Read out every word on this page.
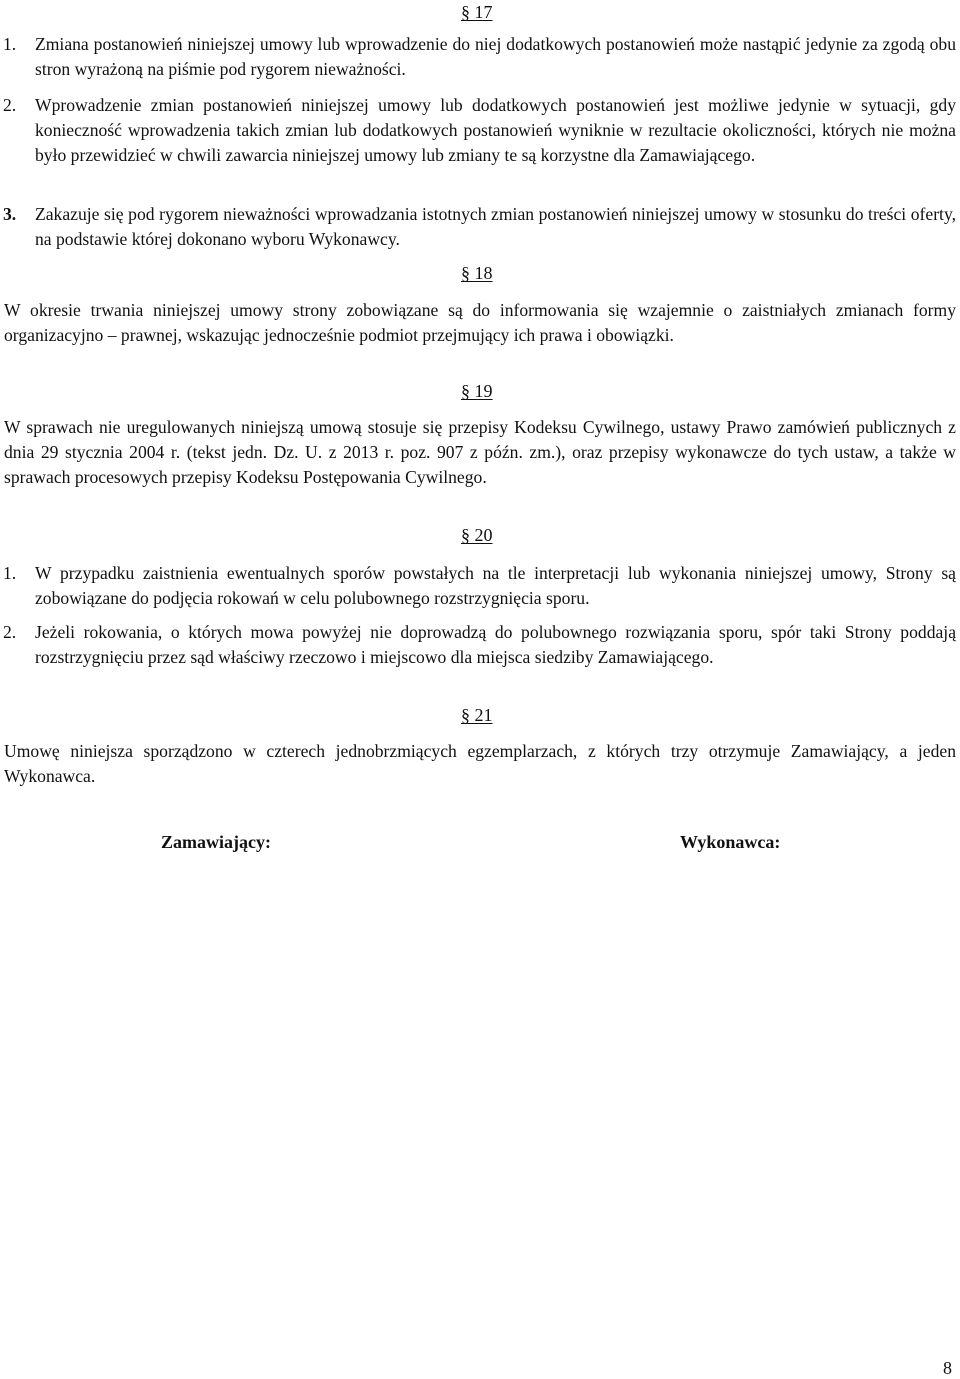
§ 17
1. Zmiana postanowień niniejszej umowy lub wprowadzenie do niej dodatkowych postanowień może nastąpić jedynie za zgodą obu stron wyrażoną na piśmie pod rygorem nieważności.
2. Wprowadzenie zmian postanowień niniejszej umowy lub dodatkowych postanowień jest możliwe jedynie w sytuacji, gdy konieczność wprowadzenia takich zmian lub dodatkowych postanowień wyniknie w rezultacie okoliczności, których nie można było przewidzieć w chwili zawarcia niniejszej umowy lub zmiany te są korzystne dla Zamawiającego.
3. Zakazuje się pod rygorem nieważności wprowadzania istotnych zmian postanowień niniejszej umowy w stosunku do treści oferty, na podstawie której dokonano wyboru Wykonawcy.
§ 18
W okresie trwania niniejszej umowy strony zobowiązane są do informowania się wzajemnie o zaistniałych zmianach formy organizacyjno – prawnej, wskazując jednocześnie podmiot przejmujący ich prawa i obowiązki.
§ 19
W sprawach nie uregulowanych niniejszą umową stosuje się przepisy Kodeksu Cywilnego, ustawy Prawo zamówień publicznych z dnia 29 stycznia 2004 r. (tekst jedn. Dz. U. z 2013 r. poz. 907 z późn. zm.), oraz przepisy wykonawcze do tych ustaw, a także w sprawach procesowych przepisy Kodeksu Postępowania Cywilnego.
§ 20
1. W przypadku zaistnienia ewentualnych sporów powstałych na tle interpretacji lub wykonania niniejszej umowy, Strony są zobowiązane do podjęcia rokowań w celu polubownego rozstrzygnięcia sporu.
2. Jeżeli rokowania, o których mowa powyżej nie doprowadzą do polubownego rozwiązania sporu, spór taki Strony poddają rozstrzygnięciu przez sąd właściwy rzeczowo i miejscowo dla miejsca siedziby Zamawiającego.
§ 21
Umowę niniejsza sporządzono w czterech jednobrzmiących egzemplarzach, z których trzy otrzymuje Zamawiający, a jeden Wykonawca.
Zamawiający:	Wykonawca:
8
